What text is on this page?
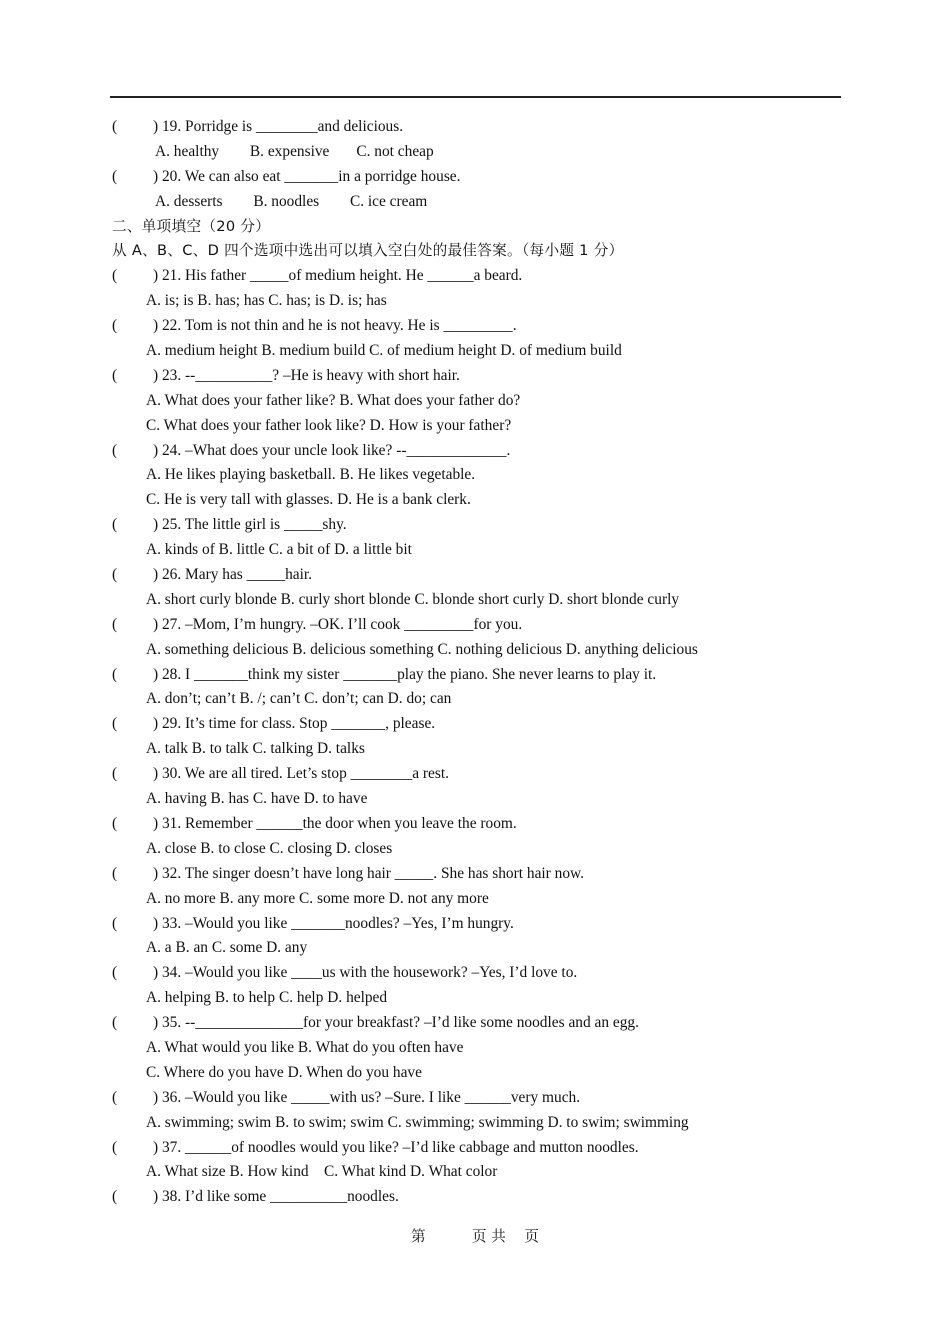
(	) 19. Porridge is ________and delicious.
A. healthy        B. expensive       C. not cheap
(	) 20. We can also eat _______in a porridge house.
A. desserts        B. noodles        C. ice cream
二、单项填空（20 分）
从 A、B、C、D 四个选项中选出可以填入空白处的最佳答案。（每小题 1 分）
(	) 21. His father _____of medium height. He ______a beard.
A. is; is B. has; has C. has; is D. is; has
(	) 22. Tom is not thin and he is not heavy. He is _________.
A. medium height B. medium build C. of medium height D. of medium build
(	) 23. --__________? –He is heavy with short hair.
A. What does your father like? B. What does your father do?
C. What does your father look like? D. How is your father?
(	) 24. –What does your uncle look like? --_____________.
A. He likes playing basketball. B. He likes vegetable.
C. He is very tall with glasses. D. He is a bank clerk.
(	) 25. The little girl is _____shy.
A. kinds of B. little C. a bit of D. a little bit
(	) 26. Mary has _____hair.
A. short curly blonde B. curly short blonde C. blonde short curly D. short blonde curly
(	) 27. –Mom, I’m hungry. –OK. I’ll cook _________for you.
A. something delicious B. delicious something C. nothing delicious D. anything delicious
(	) 28. I _______think my sister _______play the piano. She never learns to play it.
A. don’t; can’t B. /; can’t C. don’t; can D. do; can
(	) 29. It’s time for class. Stop _______, please.
A. talk B. to talk C. talking D. talks
(	) 30. We are all tired. Let’s stop ________a rest.
A. having B. has C. have D. to have
(	) 31. Remember ______the door when you leave the room.
A. close B. to close C. closing D. closes
(	) 32. The singer doesn’t have long hair _____. She has short hair now.
A. no more B. any more C. some more D. not any more
(	) 33. –Would you like _______noodles? –Yes, I’m hungry.
A. a B. an C. some D. any
(	) 34. –Would you like ____us with the housework? –Yes, I’d love to.
A. helping B. to help C. help D. helped
(	) 35. --______________for your breakfast? –I’d like some noodles and an egg.
A. What would you like B. What do you often have
C. Where do you have D. When do you have
(	) 36. –Would you like _____with us? –Sure. I like ______very much.
A. swimming; swim B. to swim; swim C. swimming; swimming D. to swim; swimming
(	) 37. ______of noodles would you like? –I’d like cabbage and mutton noodles.
A. What size B. How kind    C. What kind D. What color
(	) 38. I’d like some __________noodles.
第          页 共    页
